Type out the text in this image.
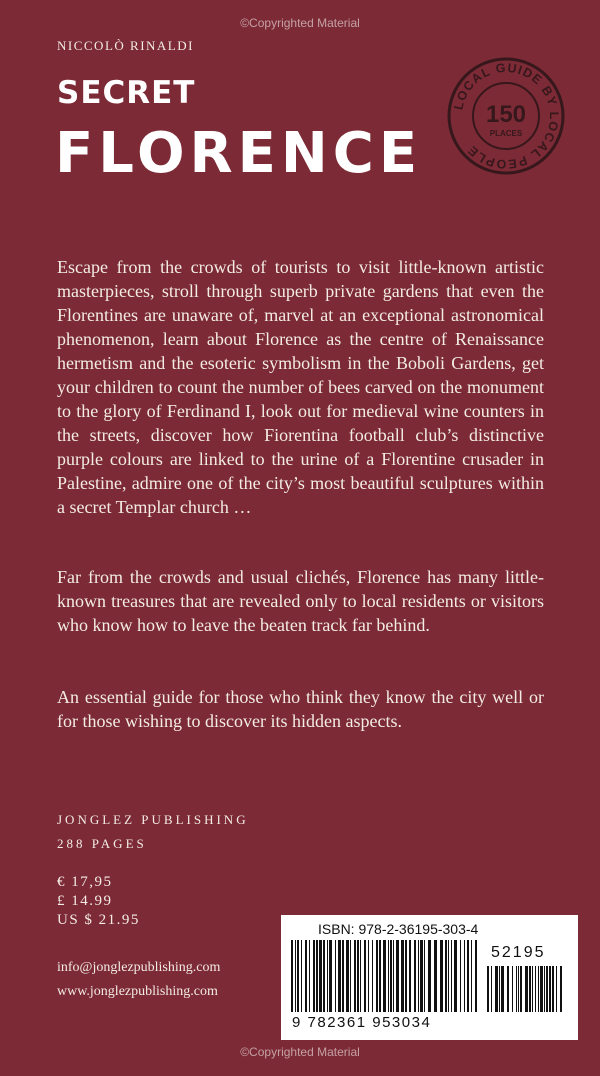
©Copyrighted Material
NICCOLÒ RINALDI
SECRET
FLORENCE
LOCAL GUIDE BY LOCAL PEOPLE
150
PLACES

Escape from the crowds of tourists to visit little-known artistic masterpieces, stroll through superb private gardens that even the Florentines are unaware of, marvel at an exceptional astronomical phenomenon, learn about Florence as the centre of Renaissance hermetism and the esoteric symbolism in the Boboli Gardens, get your children to count the number of bees carved on the monument to the glory of Ferdinand I, look out for medieval wine counters in the streets, discover how Fiorentina football club’s distinctive purple colours are linked to the urine of a Florentine crusader in Palestine, admire one of the city’s most beautiful sculptures within a secret Templar church …

Far from the crowds and usual clichés, Florence has many little-known treasures that are revealed only to local residents or visitors who know how to leave the beaten track far behind.

An essential guide for those who think they know the city well or for those wishing to discover its hidden aspects.

JONGLEZ PUBLISHING
288 PAGES
€ 17,95
£ 14.99
US $ 21.95
info@jonglezpublishing.com
www.jonglezpublishing.com
ISBN: 978-2-36195-303-4
52195
9 782361 953034
©Copyrighted Material
